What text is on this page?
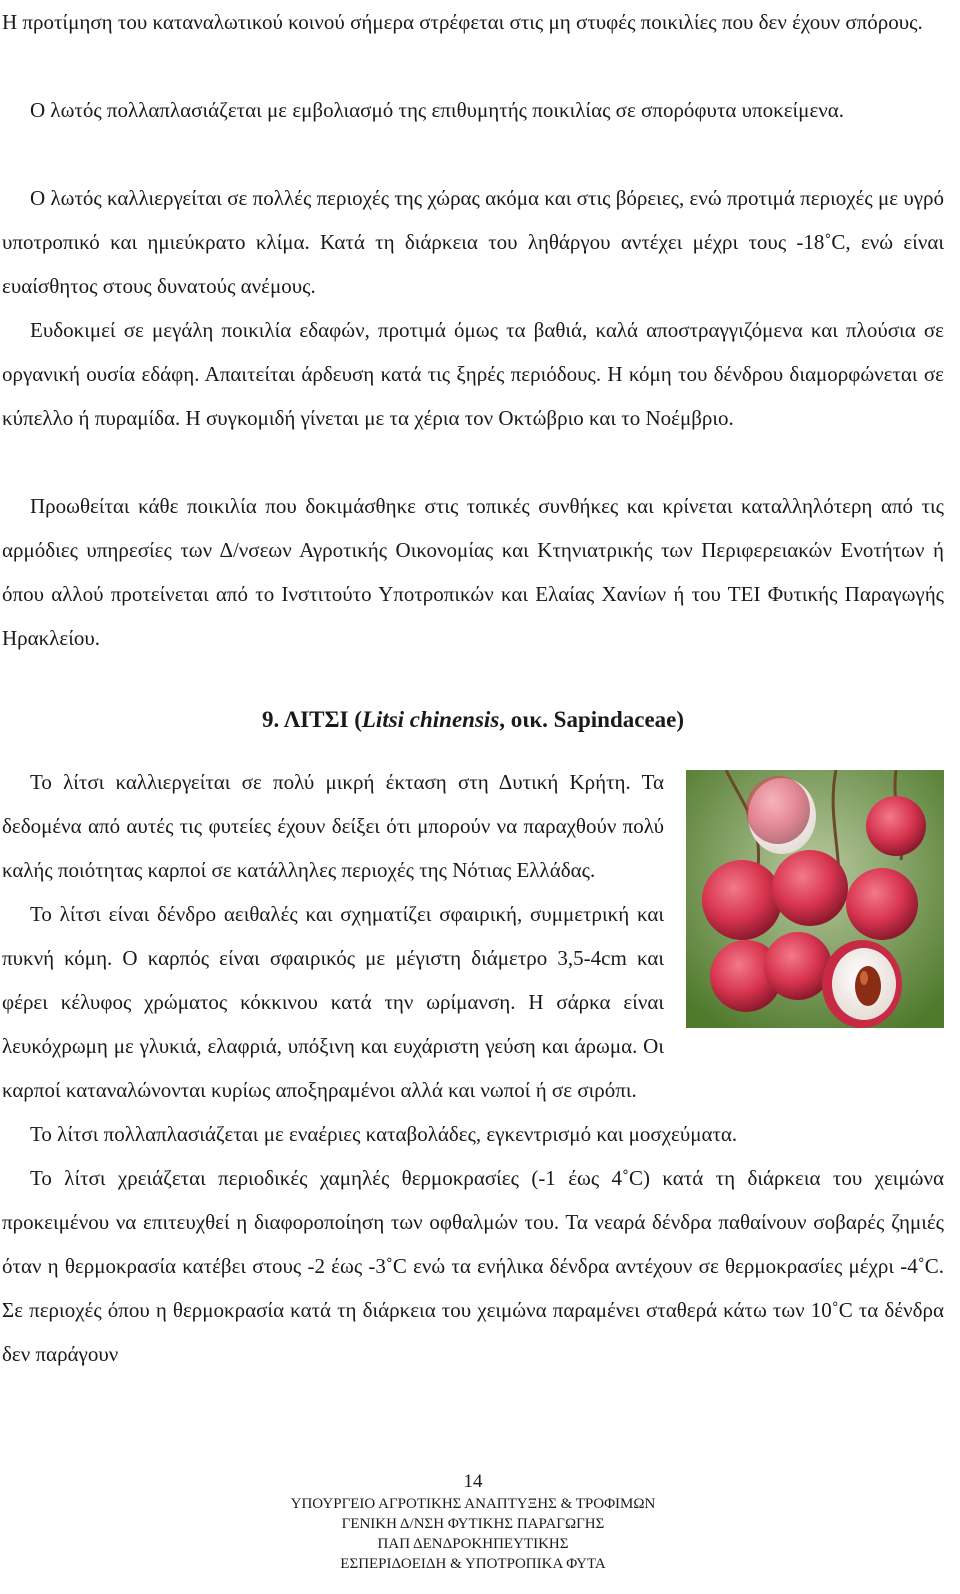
Η προτίμηση του καταναλωτικού κοινού σήμερα στρέφεται στις μη στυφές ποικιλίες που δεν έχουν σπόρους.

Ο λωτός πολλαπλασιάζεται με εμβολιασμό της επιθυμητής ποικιλίας σε σπορόφυτα υποκείμενα.

Ο λωτός καλλιεργείται σε πολλές περιοχές της χώρας ακόμα και στις βόρειες, ενώ προτιμά περιοχές με υγρό υποτροπικό και ημιεύκρατο κλίμα. Κατά τη διάρκεια του ληθάργου αντέχει μέχρι τους -18˚C, ενώ είναι ευαίσθητος στους δυνατούς ανέμους.

Ευδοκιμεί σε μεγάλη ποικιλία εδαφών, προτιμά όμως τα βαθιά, καλά αποστραγγιζόμενα και πλούσια σε οργανική ουσία εδάφη. Απαιτείται άρδευση κατά τις ξηρές περιόδους. Η κόμη του δένδρου διαμορφώνεται σε κύπελλο ή πυραμίδα. Η συγκομιδή γίνεται με τα χέρια τον Οκτώβριο και το Νοέμβριο.

Προωθείται κάθε ποικιλία που δοκιμάσθηκε στις τοπικές συνθήκες και κρίνεται καταλληλότερη από τις αρμόδιες υπηρεσίες των Δ/νσεων Αγροτικής Οικονομίας και Κτηνιατρικής των Περιφερειακών Ενοτήτων ή όπου αλλού προτείνεται από το Ινστιτούτο Υποτροπικών και Ελαίας Χανίων ή του ΤΕΙ Φυτικής Παραγωγής Ηρακλείου.

9. ΛΙΤΣΙ (Litsi chinensis, οικ. Sapindaceae)

Το λίτσι καλλιεργείται σε πολύ μικρή έκταση στη Δυτική Κρήτη. Τα δεδομένα από αυτές τις φυτείες έχουν δείξει ότι μπορούν να παραχθούν πολύ καλής ποιότητας καρποί σε κατάλληλες περιοχές της Νότιας Ελλάδας.

Το λίτσι είναι δένδρο αειθαλές και σχηματίζει σφαιρική, συμμετρική και πυκνή κόμη. Ο καρπός είναι σφαιρικός με μέγιστη διάμετρο 3,5-4cm και φέρει κέλυφος χρώματος κόκκινου κατά την ωρίμανση. Η σάρκα είναι λευκόχρωμη με γλυκιά, ελαφριά, υπόξινη και ευχάριστη γεύση και άρωμα. Οι καρποί καταναλώνονται κυρίως αποξηραμένοι αλλά και νωποί ή σε σιρόπι.

Το λίτσι πολλαπλασιάζεται με εναέριες καταβολάδες, εγκεντρισμό και μοσχεύματα.

Το λίτσι χρειάζεται περιοδικές χαμηλές θερμοκρασίες (-1 έως 4˚C) κατά τη διάρκεια του χειμώνα προκειμένου να επιτευχθεί η διαφοροποίηση των οφθαλμών του. Τα νεαρά δένδρα παθαίνουν σοβαρές ζημιές όταν η θερμοκρασία κατέβει στους -2 έως -3˚C ενώ τα ενήλικα δένδρα αντέχουν σε θερμοκρασίες μέχρι -4˚C. Σε περιοχές όπου η θερμοκρασία κατά τη διάρκεια του χειμώνα παραμένει σταθερά κάτω των 10˚C τα δένδρα δεν παράγουν

14
ΥΠΟΥΡΓΕΙΟ ΑΓΡΟΤΙΚΗΣ ΑΝΑΠΤΥΞΗΣ & ΤΡΟΦΙΜΩΝ
ΓΕΝΙΚΗ Δ/ΝΣΗ ΦΥΤΙΚΗΣ ΠΑΡΑΓΩΓΗΣ
ΠΑΠ ΔΕΝΔΡΟΚΗΠΕΥΤΙΚΗΣ
ΕΣΠΕΡΙΔΟΕΙΔΗ & ΥΠΟΤΡΟΠΙΚΑ ΦΥΤΑ
